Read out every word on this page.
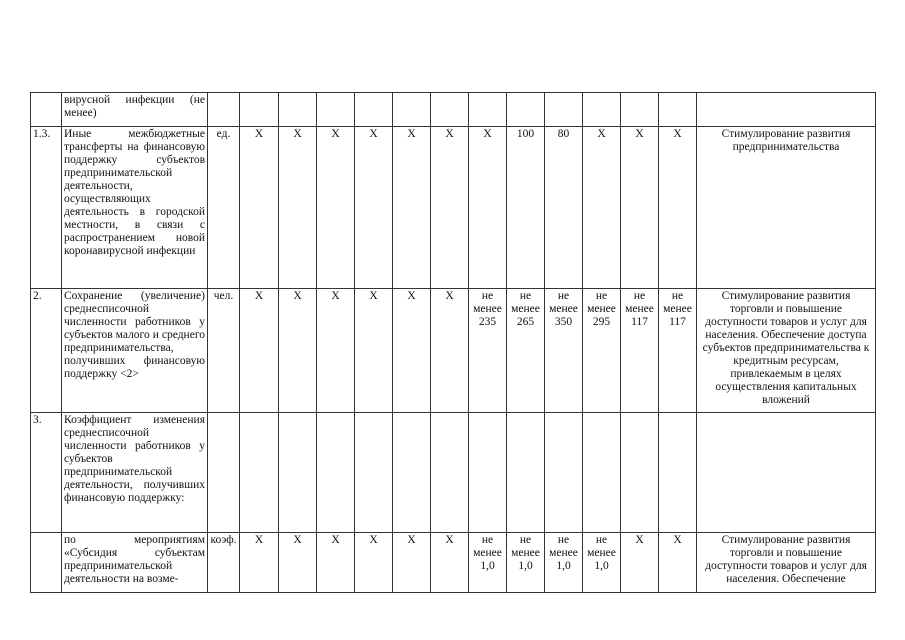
	вирусной инфекции (не менее)														
1.3.	Иные межбюджетные трансферты на финансовую поддержку субъектов предпринимательской деятельности, осуществляющих деятельность в городской местности, в связи с распространением новой коронавирусной инфекции	ед.	X	X	X	X	X	X	X	100	80	X	X	X	Стимулирование развития предпринимательства
2.	Сохранение (увеличение) среднесписочной численности работников у субъектов малого и среднего предпринимательства, получивших финансовую поддержку <2>	чел.	X	X	X	X	X	X	не менее 235	не менее 265	не менее 350	не менее 295	не менее 117	не менее 117	Стимулирование развития торговли и повышение доступности товаров и услуг для населения. Обеспечение доступа субъектов предпринимательства к кредитным ресурсам, привлекаемым в целях осуществления капитальных вложений
3.	Коэффициент изменения среднесписочной численности работников у субъектов предпринимательской деятельности, получивших финансовую поддержку:														
	по мероприятиям «Субсидия субъектам предпринимательской деятельности на возме-	коэф.	X	X	X	X	X	X	не менее 1,0	не менее 1,0	не менее 1,0	не менее 1,0	X	X	Стимулирование развития торговли и повышение доступности товаров и услуг для населения. Обеспечение
